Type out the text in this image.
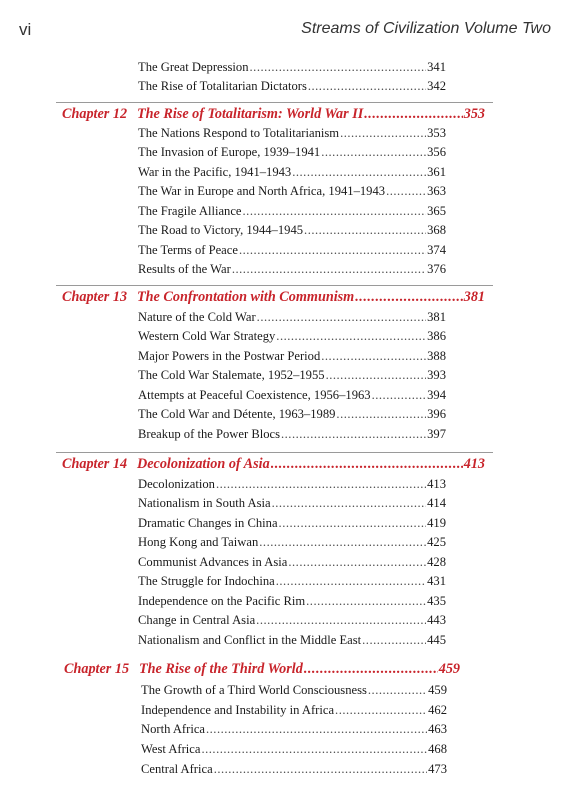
vi	Streams of Civilization Volume Two
The Great Depression .....	341
The Rise of Totalitarian Dictators .....	342
Chapter 12 The Rise of Totalitarism: World War II .....	353
The Nations Respond to Totalitarianism .....	353
The Invasion of Europe, 1939–1941 .....	356
War in the Pacific, 1941–1943 .....	361
The War in Europe and North Africa, 1941–1943 .....	363
The Fragile Alliance .....	365
The Road to Victory, 1944–1945 .....	368
The Terms of Peace .....	374
Results of the War .....	376
Chapter 13 The Confrontation with Communism .....	381
Nature of the Cold War .....	381
Western Cold War Strategy .....	386
Major Powers in the Postwar Period .....	388
The Cold War Stalemate, 1952–1955 .....	393
Attempts at Peaceful Coexistence, 1956–1963 .....	394
The Cold War and Détente, 1963–1989 .....	396
Breakup of the Power Blocs .....	397
Chapter 14 Decolonization of Asia .....	413
Decolonization .....	413
Nationalism in South Asia .....	414
Dramatic Changes in China .....	419
Hong Kong and Taiwan .....	425
Communist Advances in Asia .....	428
The Struggle for Indochina .....	431
Independence on the Pacific Rim .....	435
Change in Central Asia .....	443
Nationalism and Conflict in the Middle East .....	445
Chapter 15 The Rise of the Third World .....	459
The Growth of a Third World Consciousness .....	459
Independence and Instability in Africa .....	462
North Africa .....	463
West Africa .....	468
Central Africa .....	473
